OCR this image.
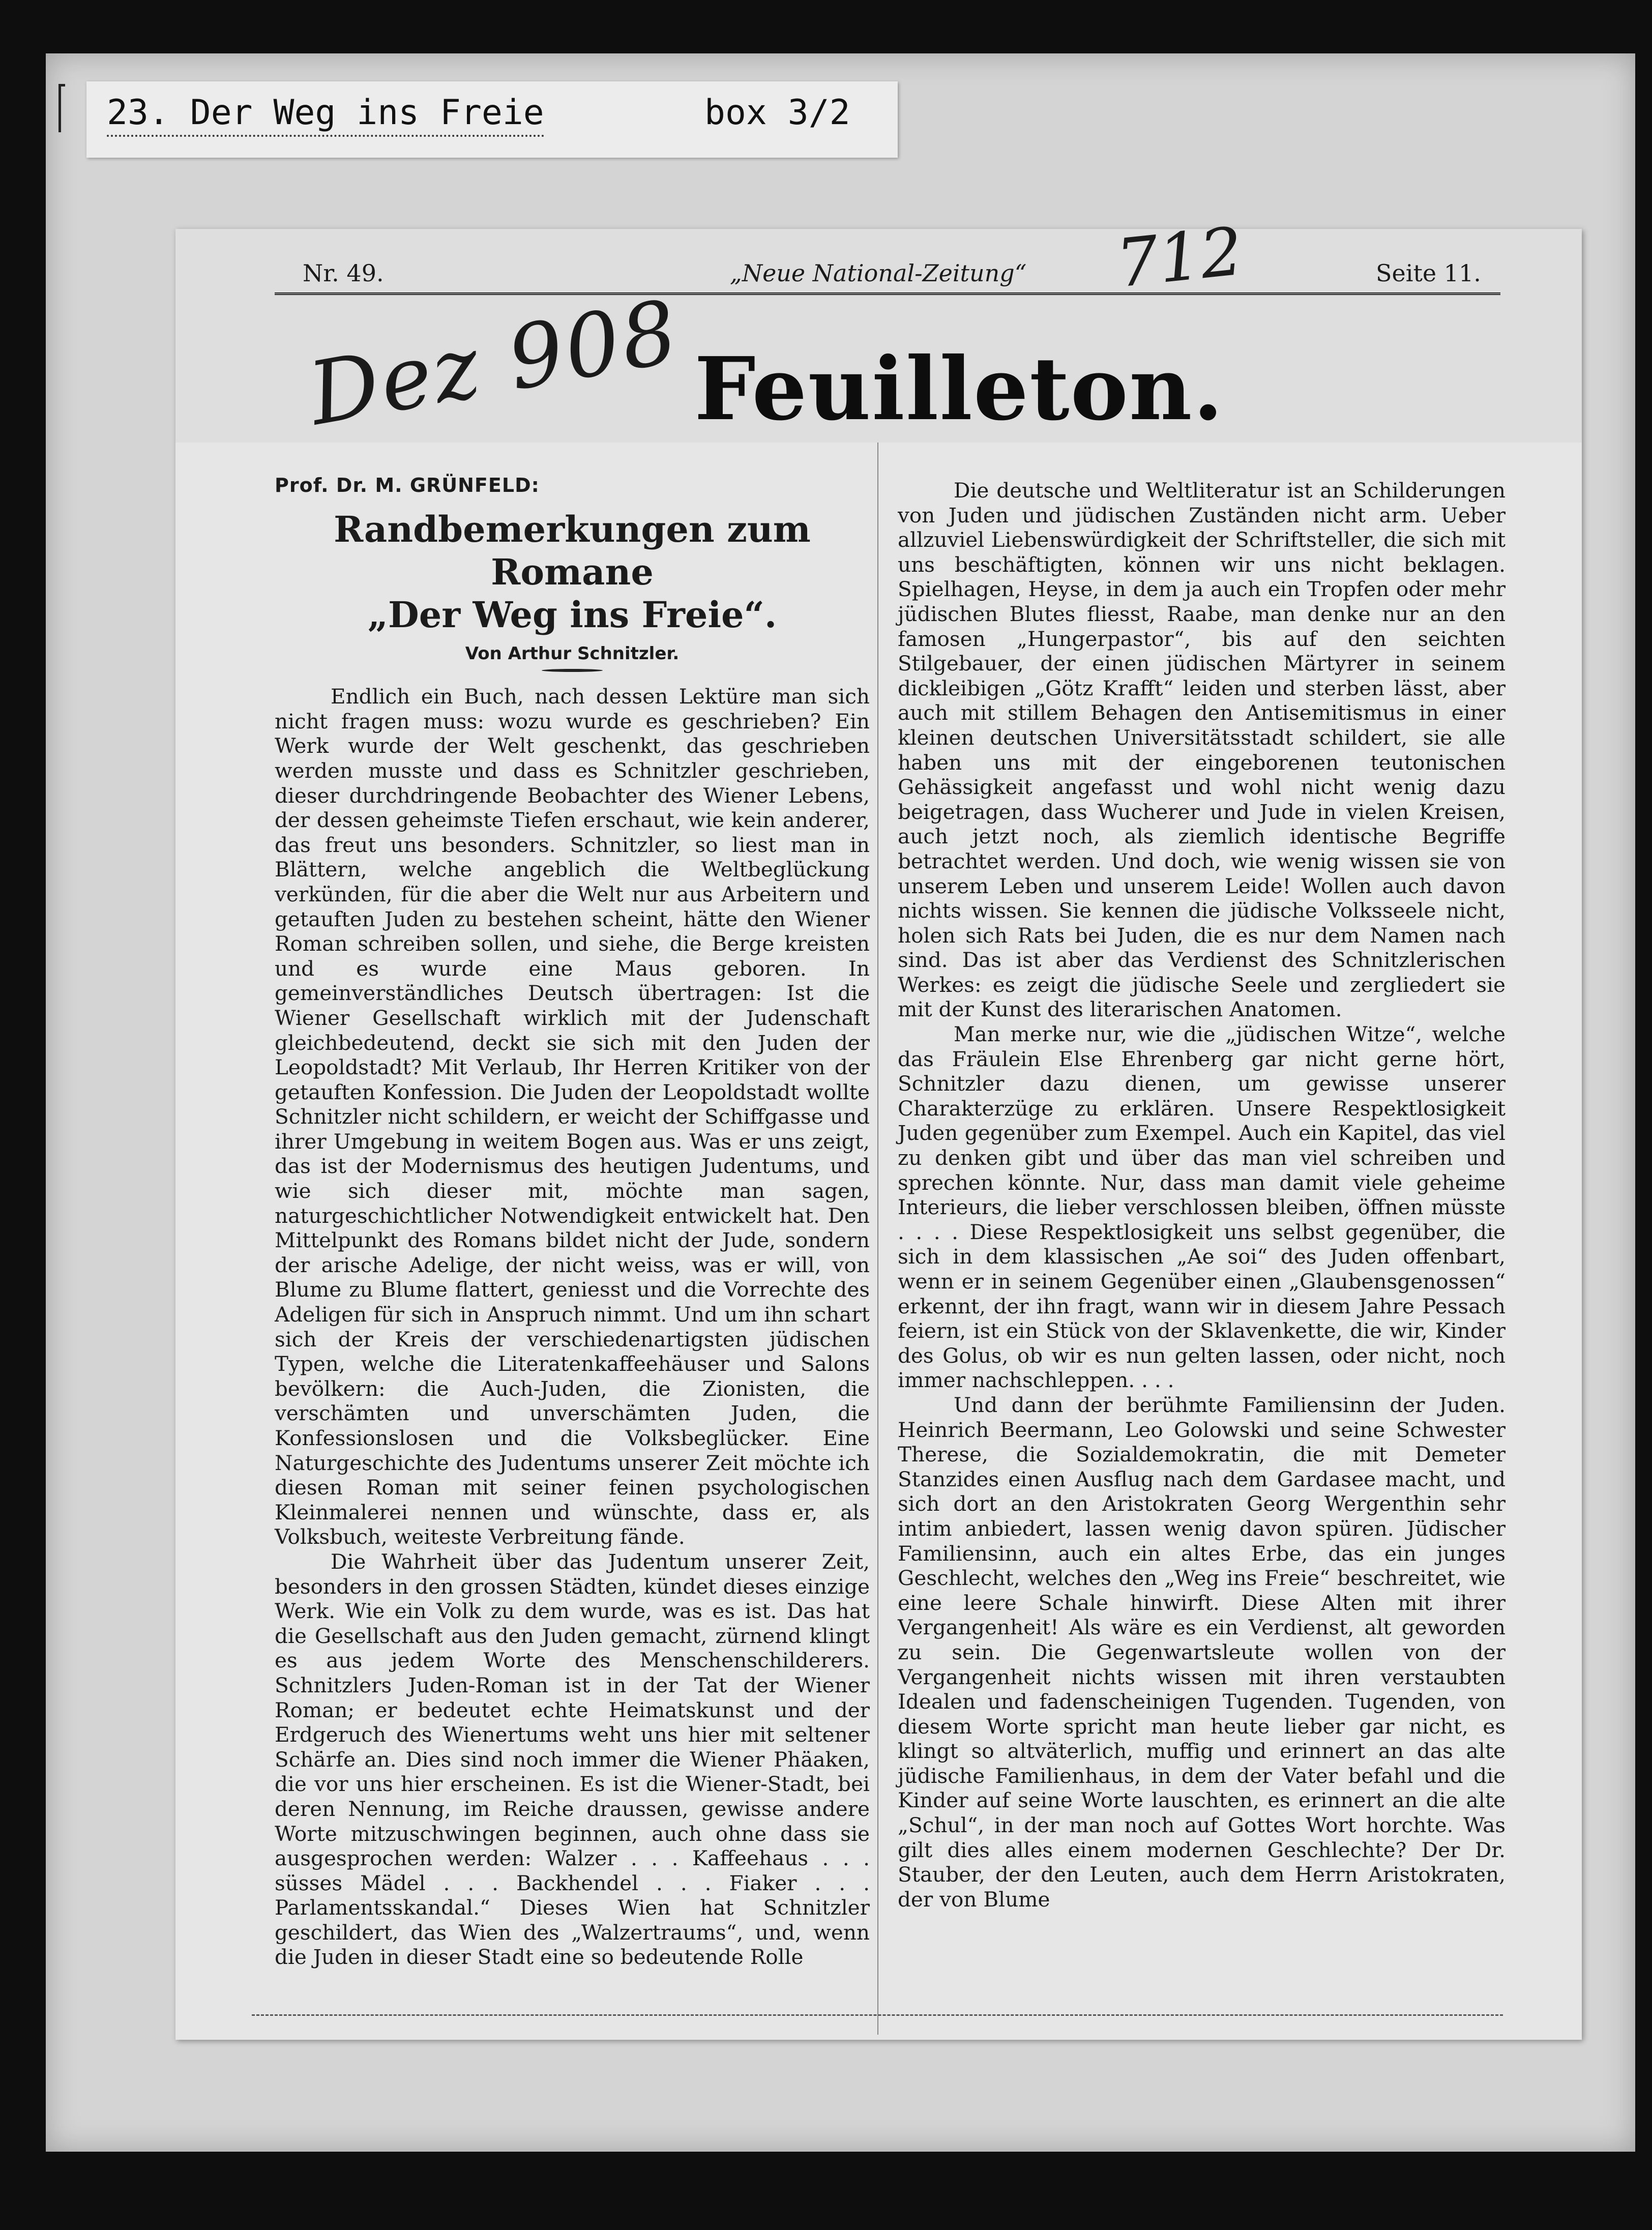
23. Der Weg ins Freie	box 3/2
Nr. 49.	„Neue National-Zeitung“	Seite 11.
712
Dez 908 Feuilleton.
Prof. Dr. M. GRÜNFELD:
Randbemerkungen zum Romane
„Der Weg ins Freie“.
Von Arthur Schnitzler.

Endlich ein Buch, nach dessen Lektüre man sich nicht fragen muss: wozu wurde es geschrieben? Ein Werk wurde der Welt geschenkt, das geschrieben werden musste und dass es Schnitzler geschrieben, dieser durchdringende Beobachter des Wiener Lebens, der dessen geheimste Tiefen erschaut, wie kein anderer, das freut uns besonders. Schnitzler, so liest man in Blättern, welche angeblich die Weltbeglückung verkünden, für die aber die Welt nur aus Arbeitern und getauften Juden zu bestehen scheint, hätte den Wiener Roman schreiben sollen, und siehe, die Berge kreisten und es wurde eine Maus geboren. In gemeinverständliches Deutsch übertragen: Ist die Wiener Gesellschaft wirklich mit der Judenschaft gleichbedeutend, deckt sie sich mit den Juden der Leopoldstadt? Mit Verlaub, Ihr Herren Kritiker von der getauften Konfession. Die Juden der Leopoldstadt wollte Schnitzler nicht schildern, er weicht der Schiffgasse und ihrer Umgebung in weitem Bogen aus. Was er uns zeigt, das ist der Modernismus des heutigen Judentums, und wie sich dieser mit, möchte man sagen, naturgeschichtlicher Notwendigkeit entwickelt hat. Den Mittelpunkt des Romans bildet nicht der Jude, sondern der arische Adelige, der nicht weiss, was er will, von Blume zu Blume flattert, geniesst und die Vorrechte des Adeligen für sich in Anspruch nimmt. Und um ihn schart sich der Kreis der verschiedenartigsten jüdischen Typen, welche die Literatenkaffeehäuser und Salons bevölkern: die Auch-Juden, die Zionisten, die verschämten und unverschämten Juden, die Konfessionslosen und die Volksbeglücker. Eine Naturgeschichte des Judentums unserer Zeit möchte ich diesen Roman mit seiner feinen psychologischen Kleinmalerei nennen und wünschte, dass er, als Volksbuch, weiteste Verbreitung fände.

Die Wahrheit über das Judentum unserer Zeit, besonders in den grossen Städten, kündet dieses einzige Werk. Wie ein Volk zu dem wurde, was es ist. Das hat die Gesellschaft aus den Juden gemacht, zürnend klingt es aus jedem Worte des Menschenschilderers. Schnitzlers Juden-Roman ist in der Tat der Wiener Roman; er bedeutet echte Heimatskunst und der Erdgeruch des Wienertums weht uns hier mit seltener Schärfe an. Dies sind noch immer die Wiener Phäaken, die vor uns hier erscheinen. Es ist die Wiener-Stadt, bei deren Nennung, im Reiche draussen, gewisse andere Worte mitzuschwingen beginnen, auch ohne dass sie ausgesprochen werden: Walzer . . . Kaffeehaus . . . süsses Mädel . . . Backhendel . . . Fiaker . . . Parlamentsskandal.“ Dieses Wien hat Schnitzler geschildert, das Wien des „Walzertraums“, und, wenn die Juden in dieser Stadt eine so bedeutende Rolle

Die deutsche und Weltliteratur ist an Schilderungen von Juden und jüdischen Zuständen nicht arm. Ueber allzuviel Liebenswürdigkeit der Schriftsteller, die sich mit uns beschäftigten, können wir uns nicht beklagen. Spielhagen, Heyse, in dem ja auch ein Tropfen oder mehr jüdischen Blutes fliesst, Raabe, man denke nur an den famosen „Hungerpastor“, bis auf den seichten Stilgebauer, der einen jüdischen Märtyrer in seinem dickleibigen „Götz Krafft“ leiden und sterben lässt, aber auch mit stillem Behagen den Antisemitismus in einer kleinen deutschen Universitätsstadt schildert, sie alle haben uns mit der eingeborenen teutonischen Gehässigkeit angefasst und wohl nicht wenig dazu beigetragen, dass Wucherer und Jude in vielen Kreisen, auch jetzt noch, als ziemlich identische Begriffe betrachtet werden. Und doch, wie wenig wissen sie von unserem Leben und unserem Leide! Wollen auch davon nichts wissen. Sie kennen die jüdische Volksseele nicht, holen sich Rats bei Juden, die es nur dem Namen nach sind. Das ist aber das Verdienst des Schnitzlerischen Werkes: es zeigt die jüdische Seele und zergliedert sie mit der Kunst des literarischen Anatomen.

Man merke nur, wie die „jüdischen Witze“, welche das Fräulein Else Ehrenberg gar nicht gerne hört, Schnitzler dazu dienen, um gewisse unserer Charakterzüge zu erklären. Unsere Respektlosigkeit Juden gegenüber zum Exempel. Auch ein Kapitel, das viel zu denken gibt und über das man viel schreiben und sprechen könnte. Nur, dass man damit viele geheime Interieurs, die lieber verschlossen bleiben, öffnen müsste . . . . Diese Respektlosigkeit uns selbst gegenüber, die sich in dem klassischen „Ae soi“ des Juden offenbart, wenn er in seinem Gegenüber einen „Glaubensgenossen“ erkennt, der ihn fragt, wann wir in diesem Jahre Pessach feiern, ist ein Stück von der Sklavenkette, die wir, Kinder des Golus, ob wir es nun gelten lassen, oder nicht, noch immer nachschleppen. . . .

Und dann der berühmte Familiensinn der Juden. Heinrich Beermann, Leo Golowski und seine Schwester Therese, die Sozialdemokratin, die mit Demeter Stanzides einen Ausflug nach dem Gardasee macht, und sich dort an den Aristokraten Georg Wergenthin sehr intim anbiedert, lassen wenig davon spüren. Jüdischer Familiensinn, auch ein altes Erbe, das ein junges Geschlecht, welches den „Weg ins Freie“ beschreitet, wie eine leere Schale hinwirft. Diese Alten mit ihrer Vergangenheit! Als wäre es ein Verdienst, alt geworden zu sein. Die Gegenwartsleute wollen von der Vergangenheit nichts wissen mit ihren verstaubten Idealen und fadenscheinigen Tugenden. Tugenden, von diesem Worte spricht man heute lieber gar nicht, es klingt so altväterlich, muffig und erinnert an das alte jüdische Familienhaus, in dem der Vater befahl und die Kinder auf seine Worte lauschten, es erinnert an die alte „Schul“, in der man noch auf Gottes Wort horchte. Was gilt dies alles einem modernen Geschlechte? Der Dr. Stauber, der den Leuten, auch dem Herrn Aristokraten, der von Blume
